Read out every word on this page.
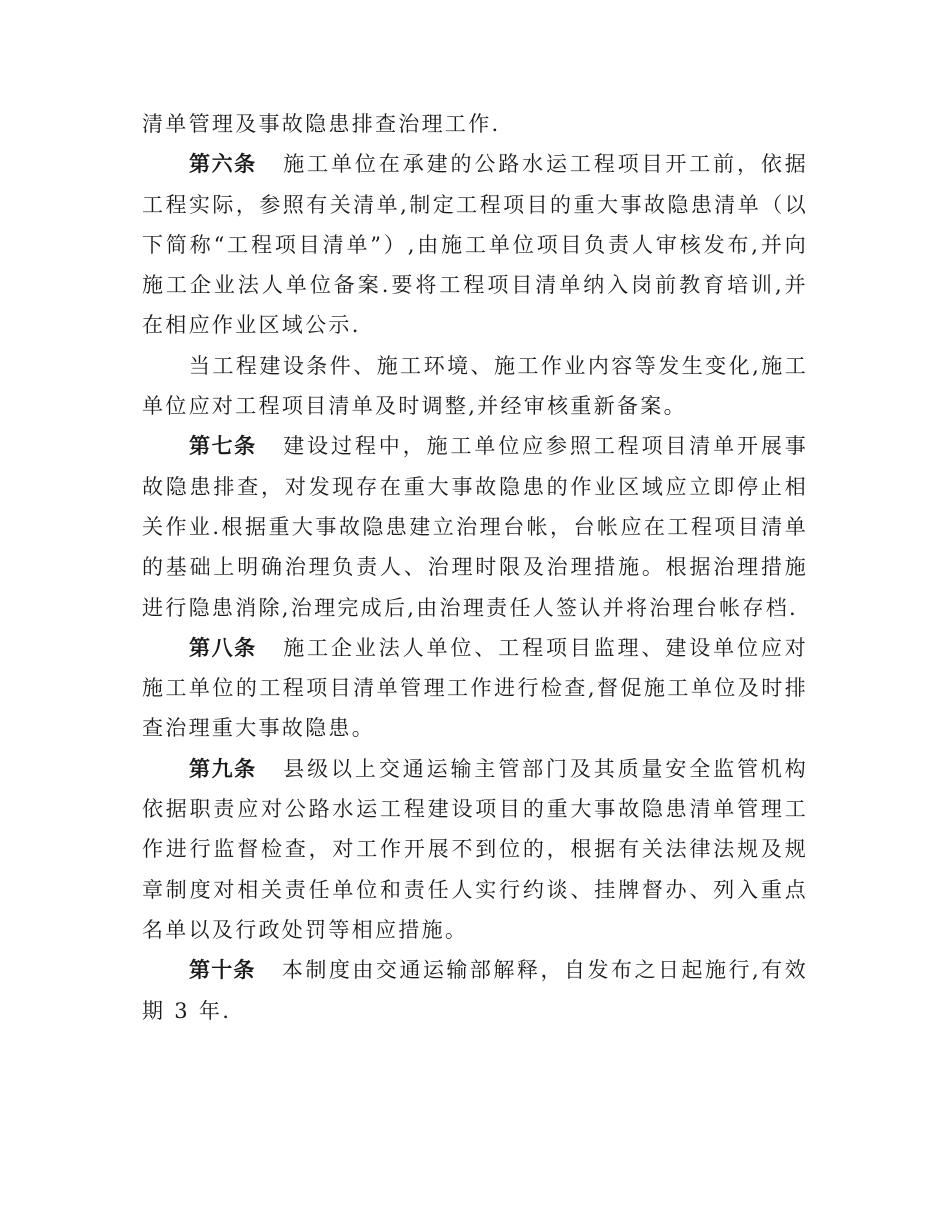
清单管理及事故隐患排查治理工作.

第六条 施工单位在承建的公路水运工程项目开工前，依据工程实际，参照有关清单,制定工程项目的重大事故隐患清单（以下简称“工程项目清单”）,由施工单位项目负责人审核发布,并向施工企业法人单位备案.要将工程项目清单纳入岗前教育培训,并在相应作业区域公示.

当工程建设条件、施工环境、施工作业内容等发生变化,施工单位应对工程项目清单及时调整,并经审核重新备案。

第七条 建设过程中，施工单位应参照工程项目清单开展事故隐患排查，对发现存在重大事故隐患的作业区域应立即停止相关作业.根据重大事故隐患建立治理台帐，台帐应在工程项目清单的基础上明确治理负责人、治理时限及治理措施。根据治理措施进行隐患消除,治理完成后,由治理责任人签认并将治理台帐存档.

第八条 施工企业法人单位、工程项目监理、建设单位应对施工单位的工程项目清单管理工作进行检查,督促施工单位及时排查治理重大事故隐患。

第九条 县级以上交通运输主管部门及其质量安全监管机构依据职责应对公路水运工程建设项目的重大事故隐患清单管理工作进行监督检查，对工作开展不到位的，根据有关法律法规及规章制度对相关责任单位和责任人实行约谈、挂牌督办、列入重点名单以及行政处罚等相应措施。

第十条 本制度由交通运输部解释，自发布之日起施行,有效期 3 年.
